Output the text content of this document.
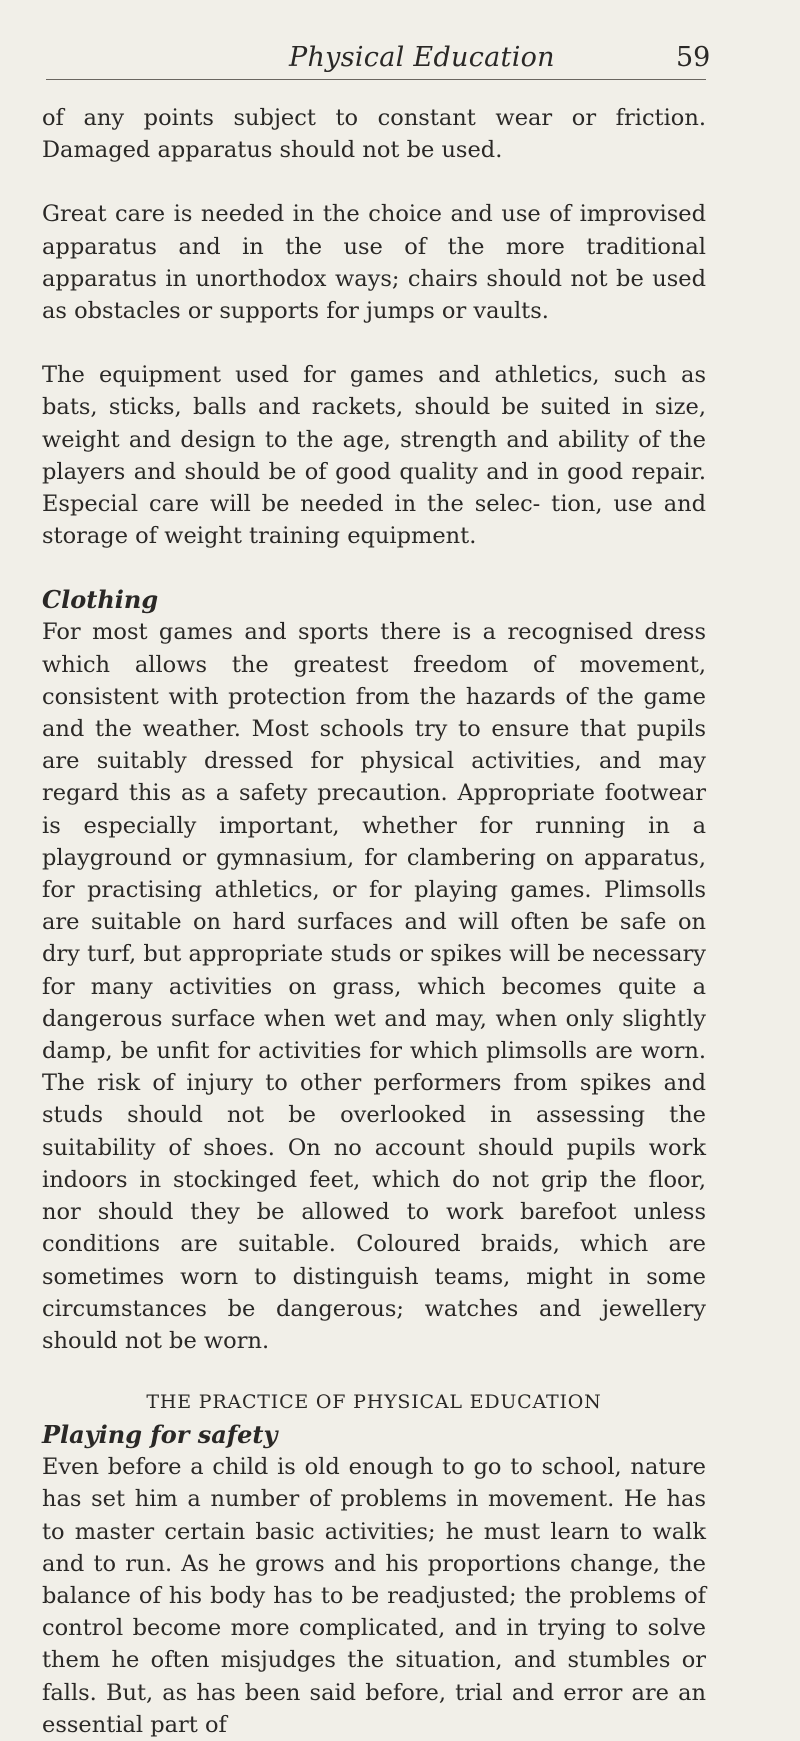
Physical Education	59

of any points subject to constant wear or friction. Damaged apparatus should not be used.

Great care is needed in the choice and use of improvised apparatus and in the use of the more traditional apparatus in unorthodox ways; chairs should not be used as obstacles or supports for jumps or vaults.

The equipment used for games and athletics, such as bats, sticks, balls and rackets, should be suited in size, weight and design to the age, strength and ability of the players and should be of good quality and in good repair. Especial care will be needed in the selec- tion, use and storage of weight training equipment.

Clothing

For most games and sports there is a recognised dress which allows the greatest freedom of movement, consistent with protection from the hazards of the game and the weather. Most schools try to ensure that pupils are suitably dressed for physical activities, and may regard this as a safety precaution. Appropriate footwear is especially important, whether for running in a playground or gymnasium, for clambering on apparatus, for practising athletics, or for playing games. Plimsolls are suitable on hard surfaces and will often be safe on dry turf, but appropriate studs or spikes will be necessary for many activities on grass, which becomes quite a dangerous surface when wet and may, when only slightly damp, be unfit for activities for which plimsolls are worn. The risk of injury to other performers from spikes and studs should not be overlooked in assessing the suitability of shoes. On no account should pupils work indoors in stockinged feet, which do not grip the floor, nor should they be allowed to work barefoot unless conditions are suitable. Coloured braids, which are sometimes worn to distinguish teams, might in some circumstances be dangerous; watches and jewellery should not be worn.

THE PRACTICE OF PHYSICAL EDUCATION

Playing for safety

Even before a child is old enough to go to school, nature has set him a number of problems in movement. He has to master certain basic activities; he must learn to walk and to run. As he grows and his proportions change, the balance of his body has to be readjusted; the problems of control become more complicated, and in trying to solve them he often misjudges the situation, and stumbles or falls. But, as has been said before, trial and error are an essential part of
